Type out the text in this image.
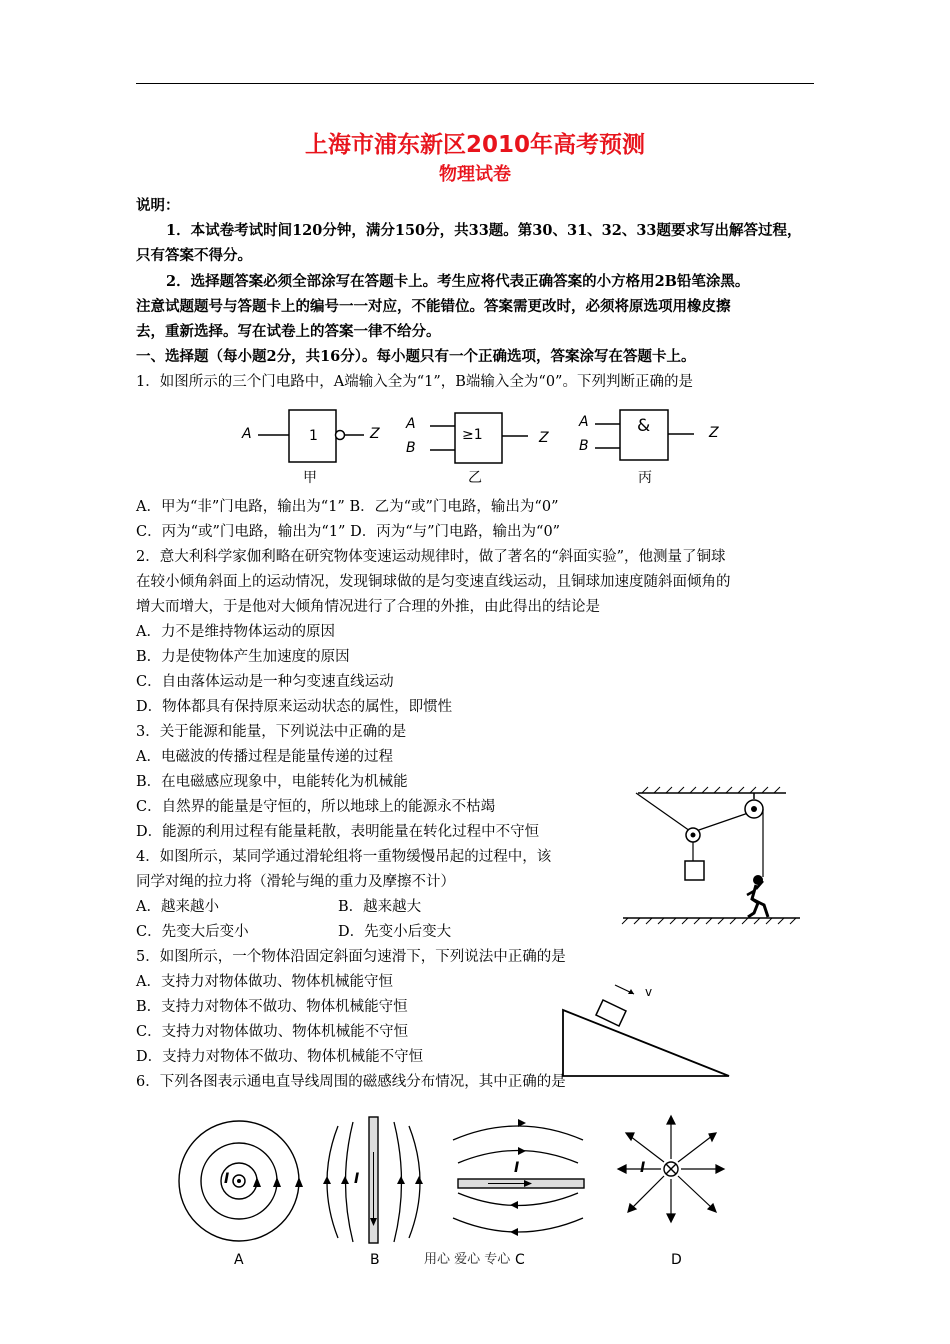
上海市浦东新区2010年高考预测
物理试卷
说明：
1．本试卷考试时间120分钟，满分150分，共33题。第30、31、32、33题要求写出解答过程，
只有答案不得分。
2．选择题答案必须全部涂写在答题卡上。考生应将代表正确答案的小方格用2B铅笔涂黑。
注意试题题号与答题卡上的编号一一对应，不能错位。答案需更改时，必须将原选项用橡皮擦
去，重新选择。写在试卷上的答案一律不给分。
一、选择题（每小题2分，共16分）。每小题只有一个正确选项，答案涂写在答题卡上。
1．如图所示的三个门电路中，A端输入全为“1”，B端输入全为“0”。下列判断正确的是
A	1	Z
甲
A
B
≥1	Z
乙
A
B
&	Z
丙
A．甲为“非”门电路，输出为“1” B．乙为“或”门电路，输出为“0”
C．丙为“或”门电路，输出为“1” D．丙为“与”门电路，输出为“0”
2．意大利科学家伽利略在研究物体变速运动规律时，做了著名的“斜面实验”，他测量了铜球
在较小倾角斜面上的运动情况，发现铜球做的是匀变速直线运动，且铜球加速度随斜面倾角的
增大而增大，于是他对大倾角情况进行了合理的外推，由此得出的结论是
A．力不是维持物体运动的原因
B．力是使物体产生加速度的原因
C．自由落体运动是一种匀变速直线运动
D．物体都具有保持原来运动状态的属性，即惯性
3．关于能源和能量，下列说法中正确的是
A．电磁波的传播过程是能量传递的过程
B．在电磁感应现象中，电能转化为机械能
C．自然界的能量是守恒的，所以地球上的能源永不枯竭
D．能源的利用过程有能量耗散，表明能量在转化过程中不守恒
4．如图所示，某同学通过滑轮组将一重物缓慢吊起的过程中，该
同学对绳的拉力将（滑轮与绳的重力及摩擦不计）
A．越来越小	B．越来越大
C．先变大后变小	D．先变小后变大
5．如图所示，一个物体沿固定斜面匀速滑下，下列说法中正确的是
A．支持力对物体做功、物体机械能守恒
B．支持力对物体不做功、物体机械能守恒
C．支持力对物体做功、物体机械能不守恒
D．支持力对物体不做功、物体机械能不守恒
v
6．下列各图表示通电直导线周围的磁感线分布情况，其中正确的是
I
A
I
B
I
C
I
D
用心 爱心 专心
